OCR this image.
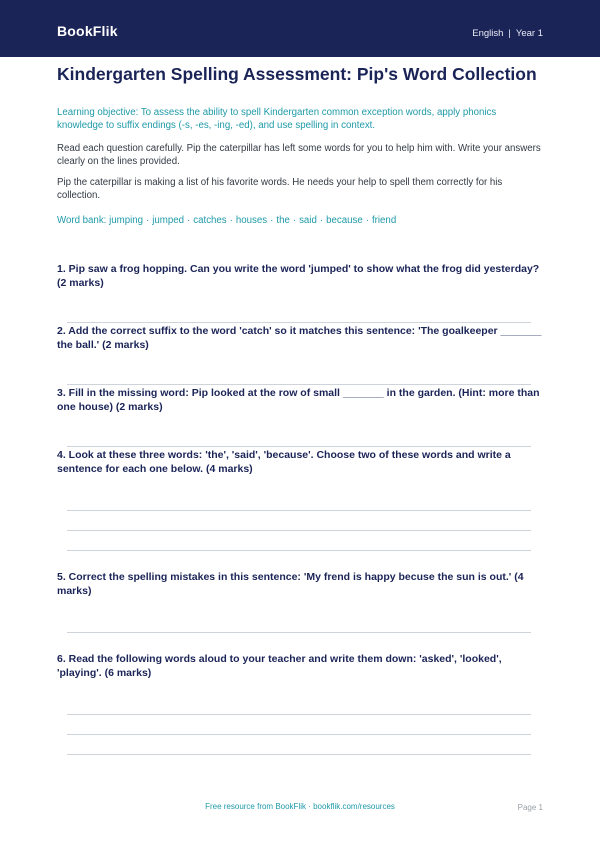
BookFlik	English | Year 1
Kindergarten Spelling Assessment: Pip's Word Collection
Learning objective: To assess the ability to spell Kindergarten common exception words, apply phonics knowledge to suffix endings (-s, -es, -ing, -ed), and use spelling in context.
Read each question carefully. Pip the caterpillar has left some words for you to help him with. Write your answers clearly on the lines provided.
Pip the caterpillar is making a list of his favorite words. He needs your help to spell them correctly for his collection.
Word bank: jumping · jumped · catches · houses · the · said · because · friend
1. Pip saw a frog hopping. Can you write the word 'jumped' to show what the frog did yesterday? (2 marks)
2. Add the correct suffix to the word 'catch' so it matches this sentence: 'The goalkeeper _______ the ball.' (2 marks)
3. Fill in the missing word: Pip looked at the row of small _______ in the garden. (Hint: more than one house) (2 marks)
4. Look at these three words: 'the', 'said', 'because'. Choose two of these words and write a sentence for each one below. (4 marks)
5. Correct the spelling mistakes in this sentence: 'My frend is happy becuse the sun is out.' (4 marks)
6. Read the following words aloud to your teacher and write them down: 'asked', 'looked', 'playing'. (6 marks)
Free resource from BookFlik · bookflik.com/resources	Page 1
